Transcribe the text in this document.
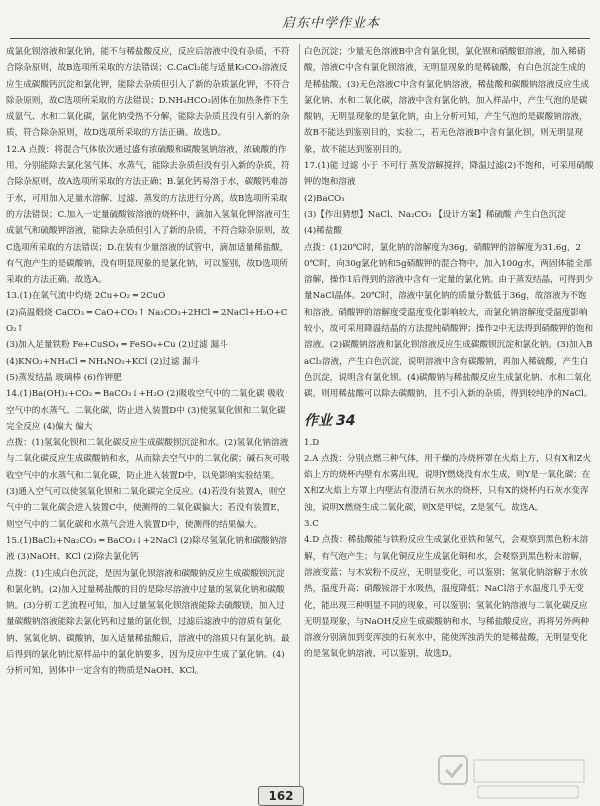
启东中学作业本

成氯化钡溶液和氯化钠，能不与稀盐酸反应，反应后溶液中没有杂质，不符合除杂原则，故B选项所采取的方法错误；C.CaCl₂能与适量K₂CO₃溶液反应生成碳酸钙沉淀和氯化钾，能除去杂质但引入了新的杂质氯化钾，不符合除杂原则，故C选项所采取的方法错误；D.NH₄HCO₃固体在加热条件下生成氨气、水和二氧化碳，氯化钠受热不分解，能除去杂质且没有引入新的杂质，符合除杂原则，故D选项所采取的方法正确。故选D。

12.A 点拨：将混合气体依次通过盛有浓硫酸和碳酸氢钠溶液，浓硫酸的作用，分别能除去氯化氢气体、水蒸气，能除去杂质但没有引入新的杂质，符合除杂原则，故A选项所采取的方法正确；B.氯化钙易溶于水，碳酸钙难溶于水，可用加入足量水溶解、过滤、蒸发的方法进行分离，故B选项所采取的方法错误；C.加入一定量硫酸铵溶液的烧杯中，滴加入氢氧化钾溶液可生成氨气和硫酸钾溶液，能除去杂质但引入了新的杂质，不符合除杂原则，故C选项所采取的方法错误；D.在装有少量溶液的试管中，滴加适量稀盐酸，有气泡产生的是碳酸钠，没有明显现象的是氯化钠，可以鉴别，故D选项所采取的方法正确。故选A。

13.(1)在氧气流中灼烧 2Cu+O₂ ═ 2CuO

(2)高温煅烧 CaCO₃ ═ CaO+CO₂↑ Na₂CO₃+2HCl ═ 2NaCl+H₂O+CO₂↑

(3)加入足量铁粉 Fe+CuSO₄ ═ FeSO₄+Cu (2)过滤 漏斗

(4)KNO₃+NH₄Cl ═ NH₄NO₃+KCl (2)过滤 漏斗

(5)蒸发结晶 玻璃棒 (6)作钾肥

14.(1)Ba(OH)₂+CO₂ ═ BaCO₃↓+H₂O (2)吸收空气中的二氧化碳 吸收空气中的水蒸气、二氧化碳，防止进入装置D中 (3)使氢氧化钡和二氧化碳完全反应 (4)偏大 偏大

点拨：(1)氢氧化钡和二氧化碳反应生成碳酸钡沉淀和水。(2)氢氧化钠溶液与二氧化碳反应生成碳酸钠和水，从而除去空气中的二氧化碳；碱石灰可吸收空气中的水蒸气和二氧化碳，防止进入装置D中，以免影响实验结果。(3)通入空气可以使氢氧化钡和二氧化碳完全反应。(4)若没有装置A，则空气中的二氧化碳会进入装置C中，使测得的二氧化碳偏大；若没有装置E，则空气中的二氧化碳和水蒸气会进入装置D中，使测得的结果偏大。

15.(1)BaCl₂+Na₂CO₃ ═ BaCO₃↓+2NaCl (2)除尽氢氧化钠和碳酸钠溶液 (3)NaOH、KCl (2)除去氯化钙

点拨：(1)生成白色沉淀，是因为氯化钡溶液和碳酸钠反应生成碳酸钡沉淀和氯化钠。(2)加入过量稀盐酸的目的是除尽溶液中过量的氢氧化钠和碳酸钠。(3)分析工艺流程可知，加入过量氢氧化钡溶液能除去硫酸镁，加入过量碳酸钠溶液能除去氯化钙和过量的氯化钡，过滤后滤液中的溶质有氯化钠、氢氧化钠、碳酸钠，加入适量稀盐酸后，溶液中的溶质只有氯化钠。最后得到的氯化钠比原样品中的氯化钠要多，因为反应中生成了氯化钠。(4)分析可知，固体中一定含有的物质是NaOH、KCl。

白色沉淀；少量无色溶液B中含有氯化钡，氯化钡和硝酸银溶液，加入稀硝酸，溶液C中含有氯化钡溶液，无明显现象的是稀硫酸，有白色沉淀生成的是稀盐酸。(3)无色溶液C中含有氯化钠溶液，稀盐酸和碳酸钠溶液反应生成氯化钠、水和二氧化碳，溶液中含有氯化钠，加入样品中，产生气泡的是碳酸钠，无明显现象的是氯化钠，由上分析可知，产生气泡的是碳酸钠溶液，故B不能达到鉴别目的，实验二，若无色溶液B中含有氯化钡，则无明显现象，故不能达到鉴别目的。

17.(1)能 过滤 小于 不可行 蒸发溶解搅拌，降温过滤(2)不饱和，可采用硝酸钾的饱和溶液

(2)BaCO₃

(3)【作出猜想】NaCl、Na₂CO₃ 【设计方案】稀硫酸 产生白色沉淀

(4)稀盐酸

点拨：(1)20℃时，氯化钠的溶解度为36g，硝酸钾的溶解度为31.6g，20℃时，向30g氯化钠和5g硝酸钾的混合物中，加入100g水，两固体能全部溶解，操作1后得到的溶液中含有一定量的氯化钠。由于蒸发结晶，可得到少量NaCl晶体。20℃时，溶液中氯化钠的质量分数低于36g，故溶液为不饱和溶液。硝酸钾的溶解度受温度变化影响较大，而氯化钠溶解度受温度影响较小，故可采用降温结晶的方法提纯硝酸钾；操作2中无法得到硝酸钾的饱和溶液。(2)碳酸钠溶液和氯化钡溶液反应生成碳酸钡沉淀和氯化钠。(3)加入BaCl₂溶液，产生白色沉淀，说明溶液中含有碳酸钠，再加入稀硫酸，产生白色沉淀，说明含有氯化钡。(4)碳酸钠与稀盐酸反应生成氯化钠、水和二氧化碳，则用稀盐酸可以除去碳酸钠，且不引入新的杂质，得到较纯净的NaCl。

作业 34

1.D

2.A 点拨：分别点燃三种气体，用干燥的冷烧杯罩在火焰上方，只有X和Z火焰上方的烧杯内壁有水雾出现，说明Y燃烧没有水生成，则Y是一氧化碳；在X和Z火焰上方罩上内壁沾有澄清石灰水的烧杯，只有X的烧杯内石灰水变浑浊，说明X燃烧生成二氧化碳，则X是甲烷，Z是氢气。故选A。

3.C

4.D 点拨：稀盐酸能与铁粉反应生成氯化亚铁和氢气，会观察到黑色粉末溶解，有气泡产生；与氧化铜反应生成氯化铜和水，会观察到黑色粉末溶解，溶液变蓝；与木炭粉不反应，无明显变化，可以鉴别；氢氧化钠溶解于水放热，温度升高；硝酸铵溶于水吸热，温度降低；NaCl溶于水温度几乎无变化，能出现三种明显不同的现象，可以鉴别；氢氧化钠溶液与二氧化碳反应无明显现象，与NaOH反应生成碳酸钠和水，与稀盐酸反应，再将另外两种溶液分别滴加到变浑浊的石灰水中，能使浑浊消失的是稀盐酸，无明显变化的是氢氧化钠溶液，可以鉴别，故选D。

162
